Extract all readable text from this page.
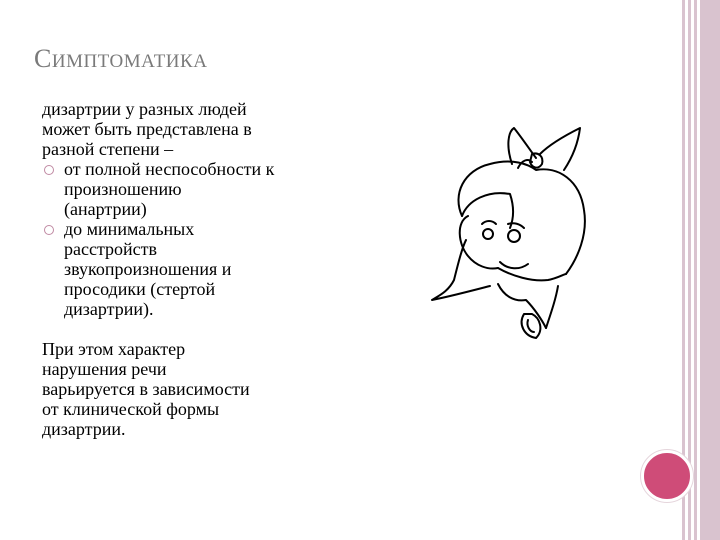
СИМПТОМАТИКА
дизартрии у разных людей
может быть представлена в
разной степени –
от полной неспособности к
произношению
(анартрии)
до минимальных
расстройств
звукопроизношения и
просодики (стертой
дизартрии).
При этом характер
нарушения речи
варьируется в зависимости
от клинической формы
дизартрии.
